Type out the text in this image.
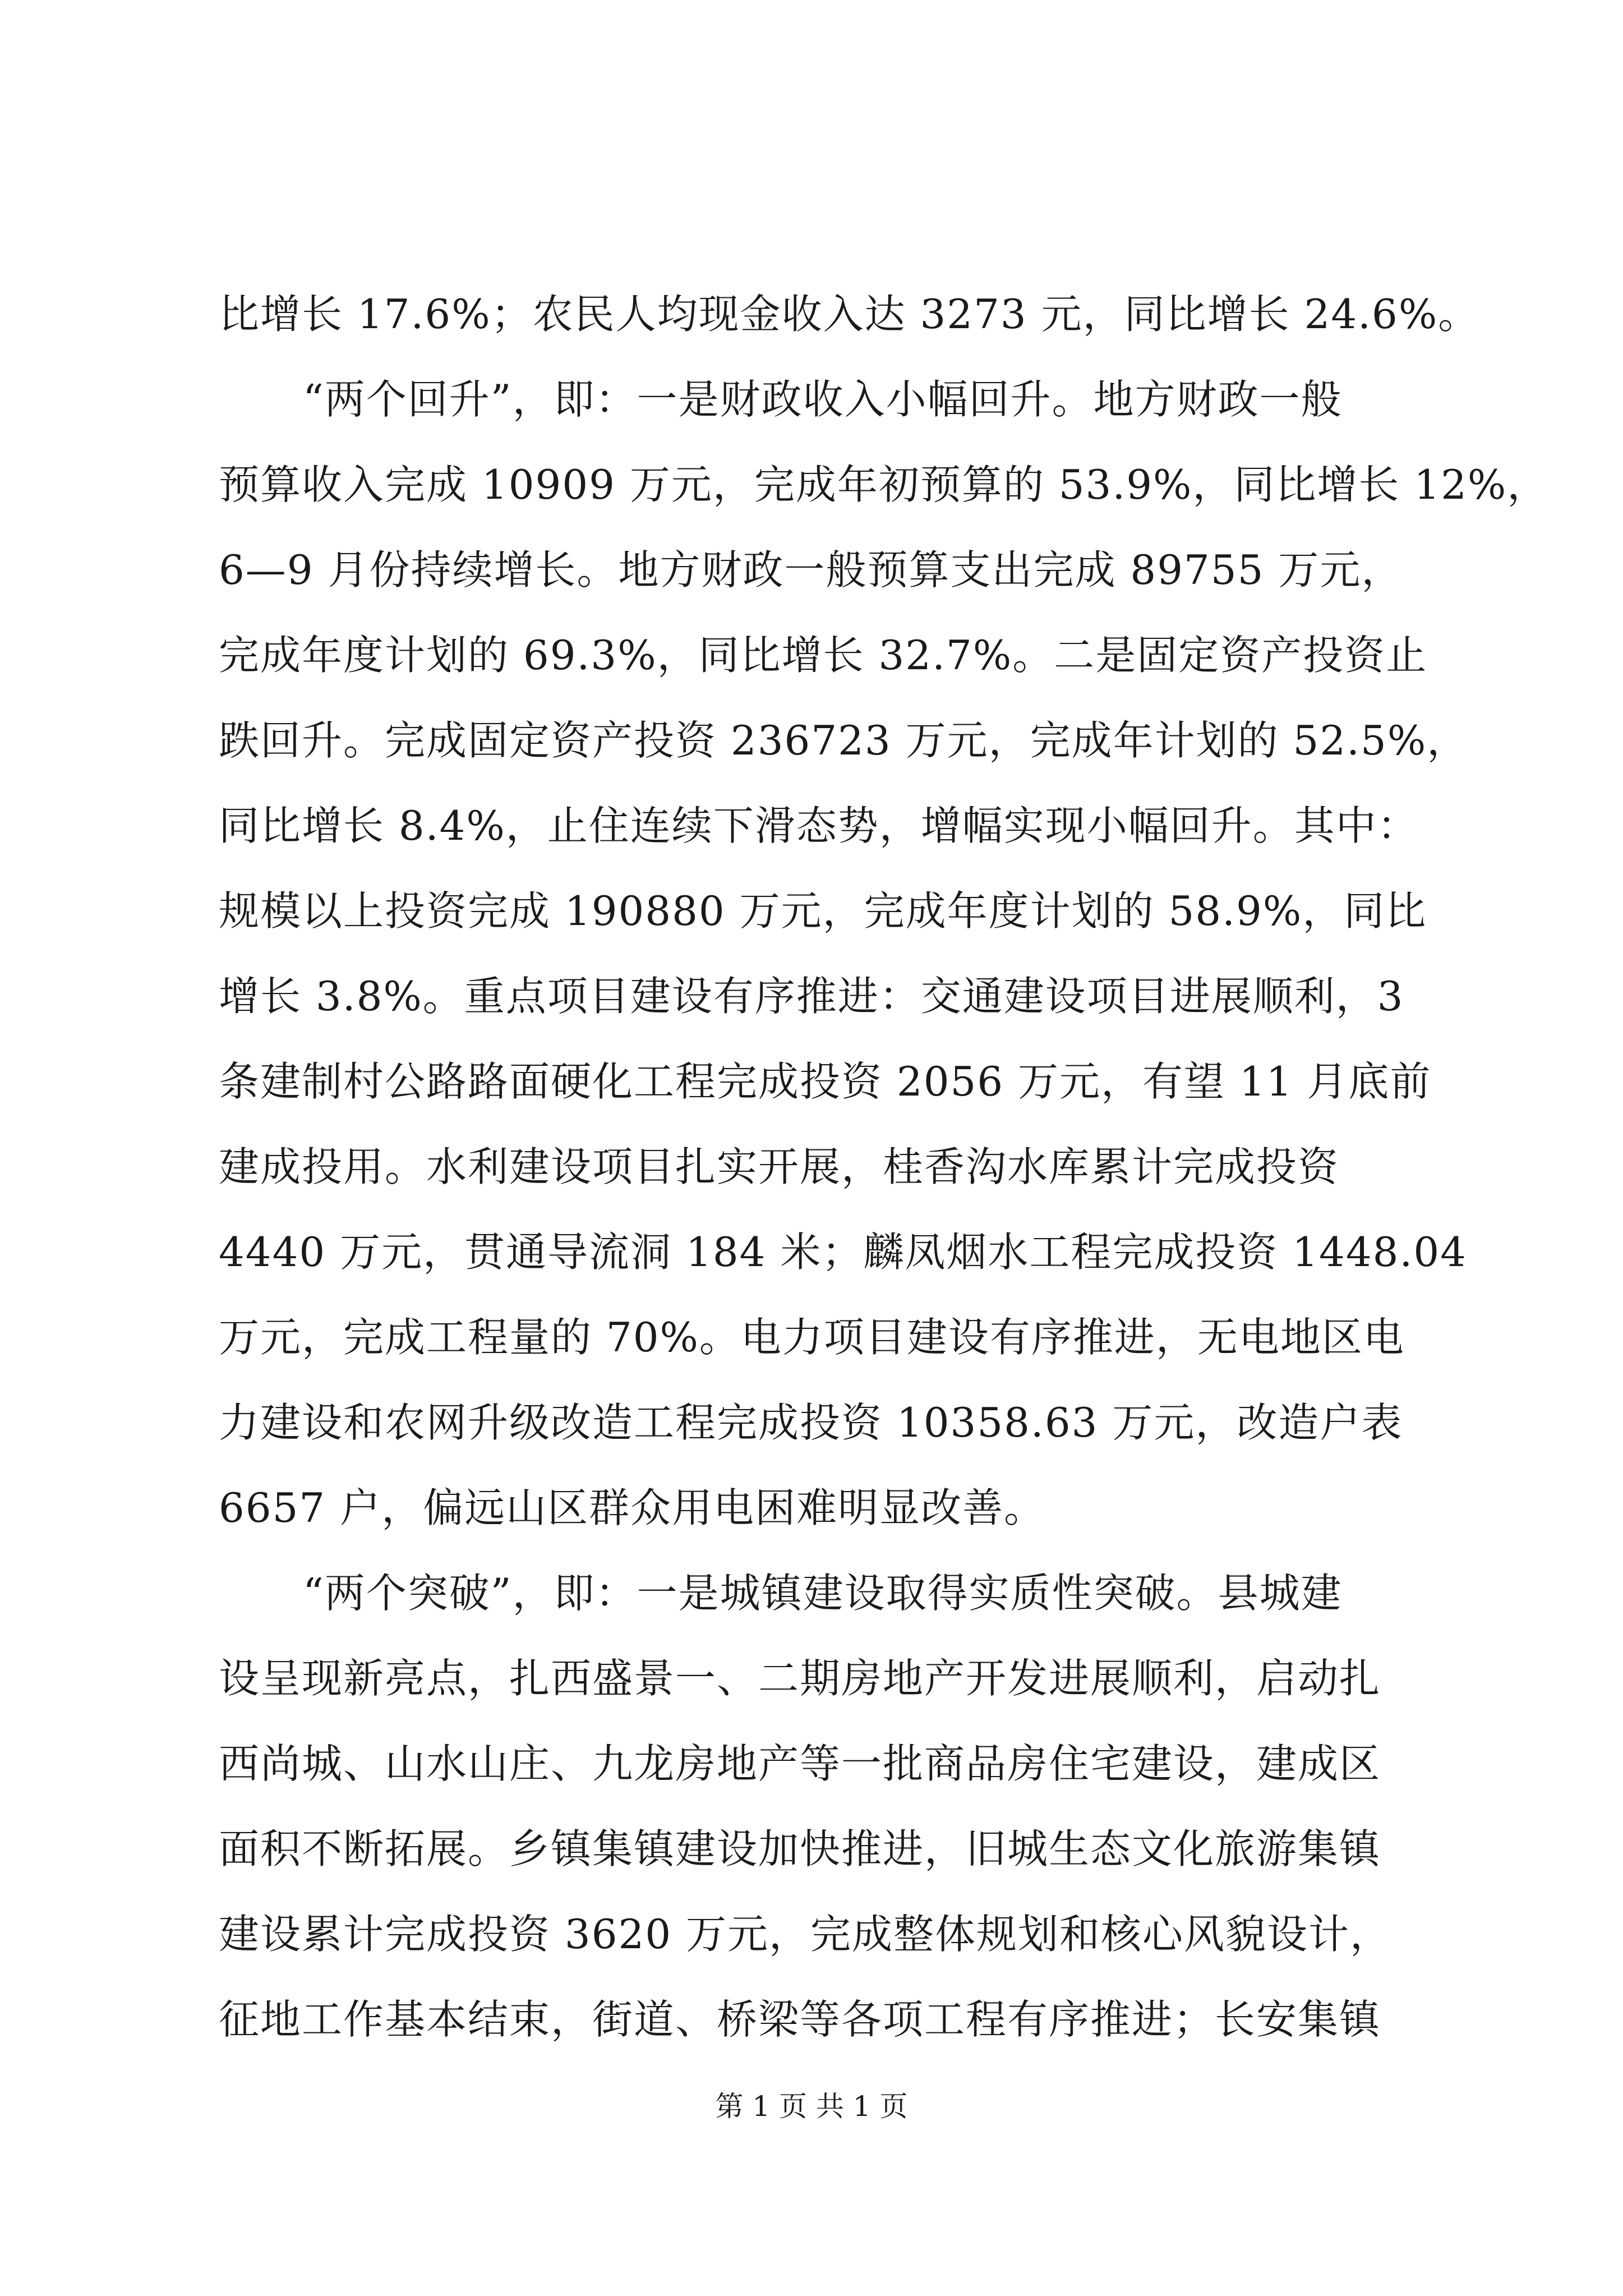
比增长 17.6%；农民人均现金收入达 3273 元，同比增长 24.6%。
“两个回升”，即：一是财政收入小幅回升。地方财政一般
预算收入完成 10909 万元，完成年初预算的 53.9%，同比增长 12%，
6—9 月份持续增长。地方财政一般预算支出完成 89755 万元，
完成年度计划的 69.3%，同比增长 32.7%。二是固定资产投资止
跌回升。完成固定资产投资 236723 万元，完成年计划的 52.5%，
同比增长 8.4%，止住连续下滑态势，增幅实现小幅回升。其中：
规模以上投资完成 190880 万元，完成年度计划的 58.9%，同比
增长 3.8%。重点项目建设有序推进：交通建设项目进展顺利，3
条建制村公路路面硬化工程完成投资 2056 万元，有望 11 月底前
建成投用。水利建设项目扎实开展，桂香沟水库累计完成投资
4440 万元，贯通导流洞 184 米；麟凤烟水工程完成投资 1448.04
万元，完成工程量的 70%。电力项目建设有序推进，无电地区电
力建设和农网升级改造工程完成投资 10358.63 万元，改造户表
6657 户，偏远山区群众用电困难明显改善。
“两个突破”，即：一是城镇建设取得实质性突破。县城建
设呈现新亮点，扎西盛景一、二期房地产开发进展顺利，启动扎
西尚城、山水山庄、九龙房地产等一批商品房住宅建设，建成区
面积不断拓展。乡镇集镇建设加快推进，旧城生态文化旅游集镇
建设累计完成投资 3620 万元，完成整体规划和核心风貌设计，
征地工作基本结束，街道、桥梁等各项工程有序推进；长安集镇
第 1 页 共 1 页
